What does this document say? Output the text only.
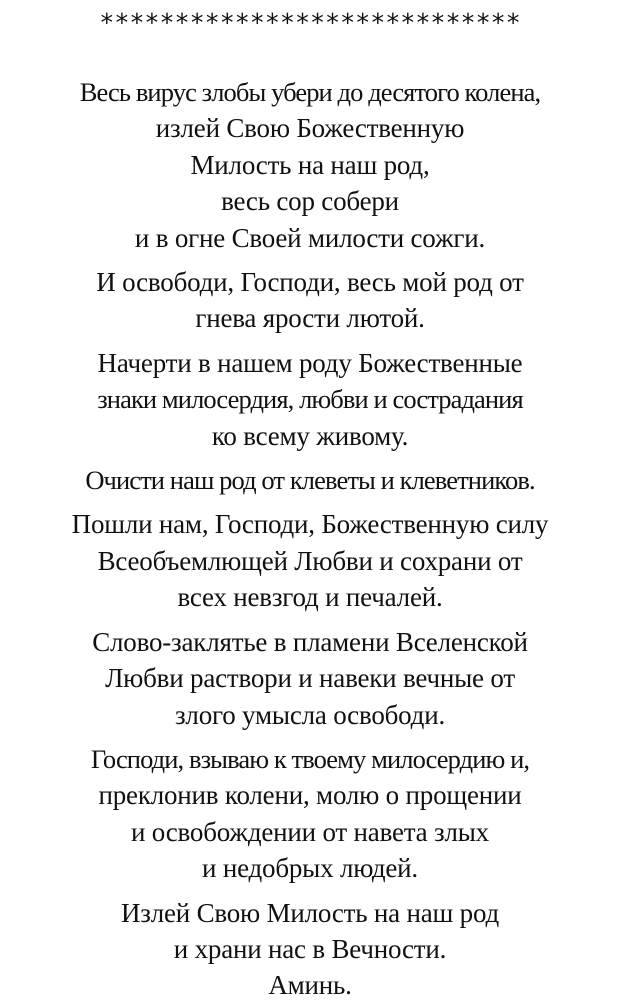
****************************
Весь вирус злобы убери до десятого колена,
излей Свою Божественную
Милость на наш род,
весь сор собери
и в огне Своей милости сожги.
И освободи, Господи, весь мой род от
гнева ярости лютой.
Начерти в нашем роду Божественные
знаки милосердия, любви и сострадания
ко всему живому.
Очисти наш род от клеветы и клеветников.
Пошли нам, Господи, Божественную силу
Всеобъемлющей Любви и сохрани от
всех невзгод и печалей.
Слово-заклятье в пламени Вселенской
Любви раствори и навеки вечные от
злого умысла освободи.
Господи, взываю к твоему милосердию и,
преклонив колени, молю о прощении
и освобождении от навета злых
и недобрых людей.
Излей Свою Милость на наш род
и храни нас в Вечности.
Аминь.
